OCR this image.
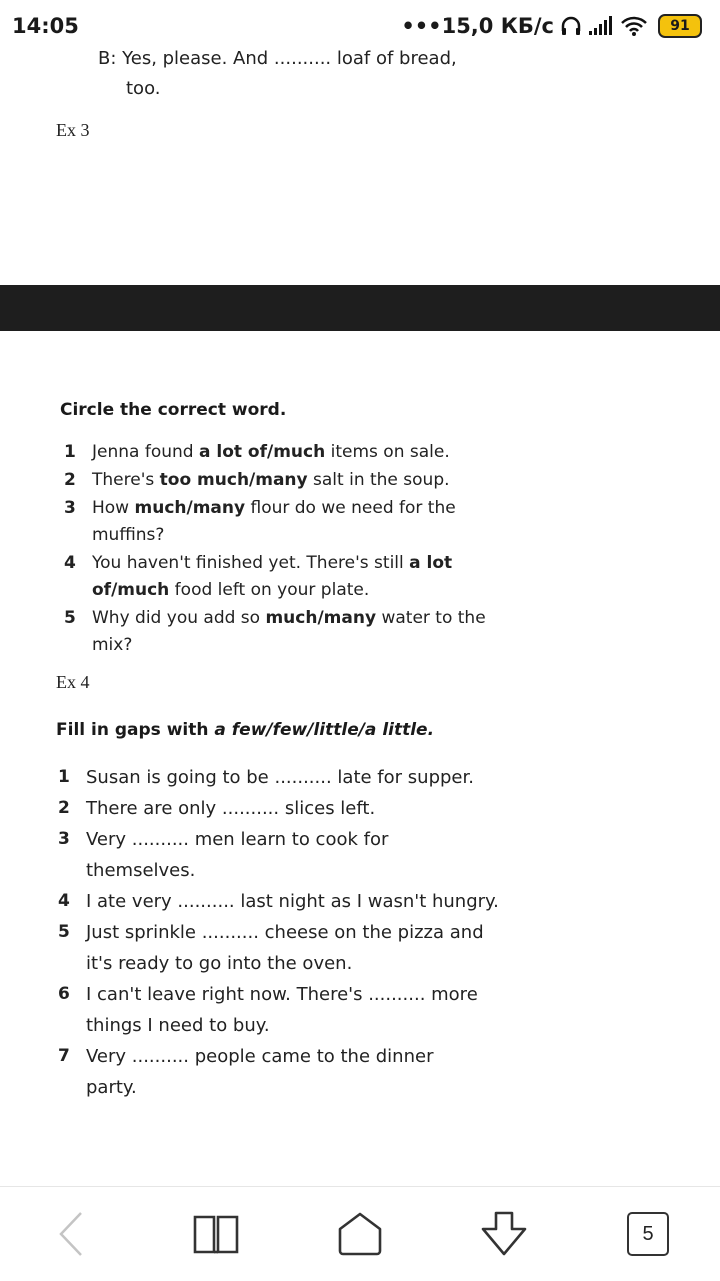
14:05	•••15,0 КБ/с	91
B: Yes, please. And .......... loaf of bread,
too.
Ex 3
Circle the correct word.
1 Jenna found a lot of/much items on sale.
2 There's too much/many salt in the soup.
3 How much/many flour do we need for the
muffins?
4 You haven't finished yet. There's still a lot
of/much food left on your plate.
5 Why did you add so much/many water to the
mix?
Ex 4
Fill in gaps with a few/few/little/a little.
1 Susan is going to be .......... late for supper.
2 There are only .......... slices left.
3 Very .......... men learn to cook for
themselves.
4 I ate very .......... last night as I wasn't hungry.
5 Just sprinkle .......... cheese on the pizza and
it's ready to go into the oven.
6 I can't leave right now. There's .......... more
things I need to buy.
7 Very .......... people came to the dinner
party.
5
